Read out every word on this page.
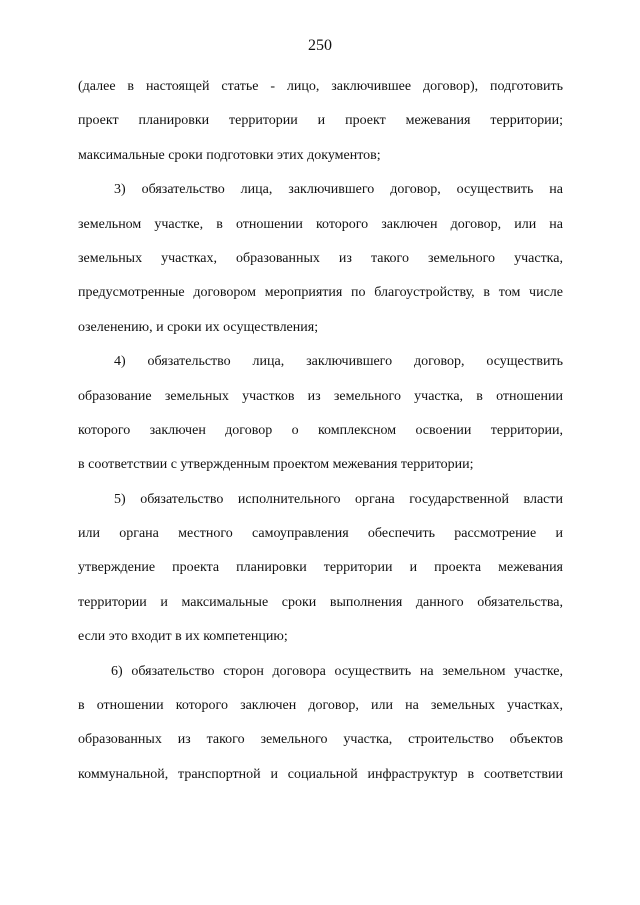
250
(далее в настоящей статье - лицо, заключившее договор), подготовить
проект планировки территории и проект межевания территории;
максимальные сроки подготовки этих документов;
3) обязательство лица, заключившего договор, осуществить на
земельном участке, в отношении которого заключен договор, или на
земельных участках, образованных из такого земельного участка,
предусмотренные договором мероприятия по благоустройству, в том числе
озеленению, и сроки их осуществления;
4) обязательство лица, заключившего договор, осуществить
образование земельных участков из земельного участка, в отношении
которого заключен договор о комплексном освоении территории,
в соответствии с утвержденным проектом межевания территории;
5) обязательство исполнительного органа государственной власти
или органа местного самоуправления обеспечить рассмотрение и
утверждение проекта планировки территории и проекта межевания
территории и максимальные сроки выполнения данного обязательства,
если это входит в их компетенцию;
6) обязательство сторон договора осуществить на земельном участке,
в отношении которого заключен договор, или на земельных участках,
образованных из такого земельного участка, строительство объектов
коммунальной, транспортной и социальной инфраструктур в соответствии
